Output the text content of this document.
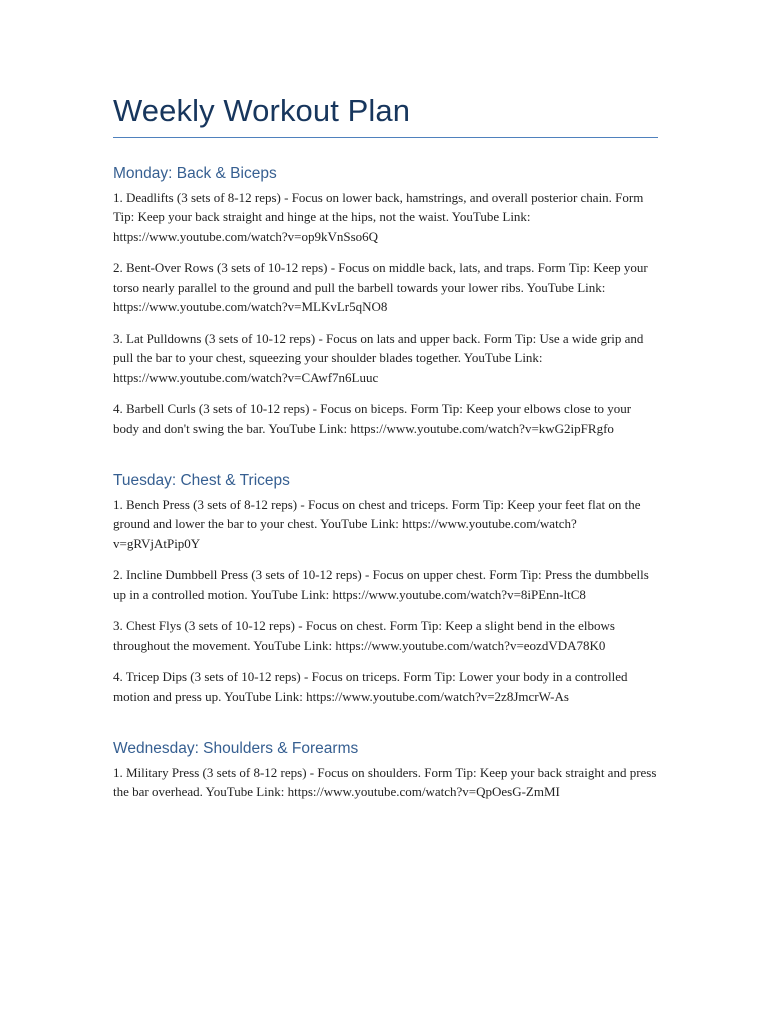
Weekly Workout Plan
Monday: Back & Biceps

1. Deadlifts (3 sets of 8-12 reps) - Focus on lower back, hamstrings, and overall posterior chain. Form Tip: Keep your back straight and hinge at the hips, not the waist. YouTube Link: https://www.youtube.com/watch?v=op9kVnSso6Q

2. Bent-Over Rows (3 sets of 10-12 reps) - Focus on middle back, lats, and traps. Form Tip: Keep your torso nearly parallel to the ground and pull the barbell towards your lower ribs. YouTube Link: https://www.youtube.com/watch?v=MLKvLr5qNO8

3. Lat Pulldowns (3 sets of 10-12 reps) - Focus on lats and upper back. Form Tip: Use a wide grip and pull the bar to your chest, squeezing your shoulder blades together. YouTube Link: https://www.youtube.com/watch?v=CAwf7n6Luuc

4. Barbell Curls (3 sets of 10-12 reps) - Focus on biceps. Form Tip: Keep your elbows close to your body and don't swing the bar. YouTube Link: https://www.youtube.com/watch?v=kwG2ipFRgfo

Tuesday: Chest & Triceps

1. Bench Press (3 sets of 8-12 reps) - Focus on chest and triceps. Form Tip: Keep your feet flat on the ground and lower the bar to your chest. YouTube Link: https://www.youtube.com/watch?v=gRVjAtPip0Y

2. Incline Dumbbell Press (3 sets of 10-12 reps) - Focus on upper chest. Form Tip: Press the dumbbells up in a controlled motion. YouTube Link: https://www.youtube.com/watch?v=8iPEnn-ltC8

3. Chest Flys (3 sets of 10-12 reps) - Focus on chest. Form Tip: Keep a slight bend in the elbows throughout the movement. YouTube Link: https://www.youtube.com/watch?v=eozdVDA78K0

4. Tricep Dips (3 sets of 10-12 reps) - Focus on triceps. Form Tip: Lower your body in a controlled motion and press up. YouTube Link: https://www.youtube.com/watch?v=2z8JmcrW-As

Wednesday: Shoulders & Forearms

1. Military Press (3 sets of 8-12 reps) - Focus on shoulders. Form Tip: Keep your back straight and press the bar overhead. YouTube Link: https://www.youtube.com/watch?v=QpOesG-ZmMI
